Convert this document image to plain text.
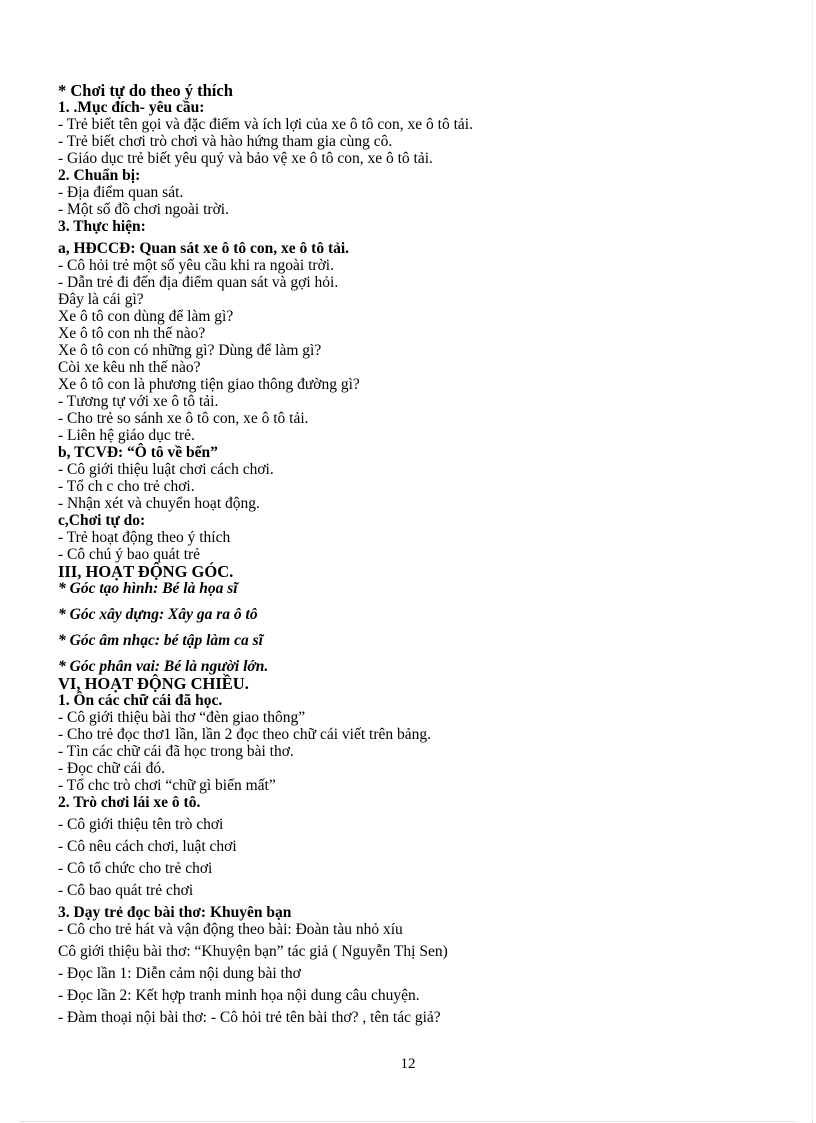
* Chơi tự do theo ý thích
1. .Mục đích- yêu cầu:
- Trẻ biết tên gọi và đặc điểm và ích lợi của xe ô tô con, xe ô tô tải.
- Trẻ biết chơi trò chơi và hào hứng tham gia cùng cô.
- Giáo dục trẻ biết yêu quý và bảo vệ xe ô tô con, xe ô tô tải.
2. Chuẩn bị:
- Địa điểm quan sát.
- Một số đồ chơi ngoài trời.
3. Thực hiện:
a, HĐCCĐ: Quan sát xe ô tô con, xe ô tô tải.
- Cô hỏi trẻ một số yêu cầu khi ra ngoài trời.
- Dẫn trẻ đi đến địa điểm quan sát và gợi hỏi.
Đây là cái gì?
Xe ô tô con dùng để làm gì?
Xe ô tô con nh thế nào?
Xe ô tô con có những gì? Dùng để làm gì?
Còi xe kêu nh thế nào?
Xe ô tô con là phương tiện giao thông đường gì?
- Tương tự với xe ô tô tải.
- Cho trẻ so sánh xe ô tô con, xe ô tô tải.
- Liên hệ giáo dục trẻ.
b, TCVĐ: “Ô tô về bến”
- Cô giới thiệu luật chơi cách chơi.
- Tổ ch c cho trẻ chơi.
- Nhận xét và chuyển hoạt động.
c,Chơi tự do:
- Trẻ hoạt động theo ý thích
- Cô chú ý bao quát trẻ
III, HOẠT ĐỘNG GÓC.
* Góc tạo hình: Bé là họa sĩ
* Góc xây dựng: Xây ga ra ô tô
* Góc âm nhạc: bé tập làm ca sĩ
* Góc phân vai: Bé là người lớn.
VI, HOẠT ĐỘNG CHIỀU.
1. Ôn các chữ cái đã học.
- Cô giới thiệu bài thơ “đèn giao thông”
- Cho trẻ đọc thơ1 lần, lần 2 đọc theo chữ cái viết trên bảng.
- Tìn các chữ cái đã học trong bài thơ.
- Đọc chữ cái đó.
- Tổ chc trò chơi “chữ gì biến mất”
2. Trò chơi lái xe ô tô.
- Cô giới thiệu tên trò chơi
- Cô nêu cách chơi, luật chơi
- Cô tổ chức cho trẻ chơi
- Cô bao quát trẻ chơi
3. Dạy trẻ đọc bài thơ: Khuyên bạn
- Cô cho trẻ hát và vận động theo bài: Đoàn tàu nhỏ xíu
Cô giới thiệu bài thơ: “Khuyện bạn” tác giả ( Nguyễn Thị Sen)
- Đọc lần 1: Diễn cảm nội dung bài thơ
- Đọc lần 2: Kết hợp tranh minh họa nội dung câu chuyện.
- Đàm thoại nội bài thơ: - Cô hỏi trẻ tên bài thơ? , tên tác giả?
12
